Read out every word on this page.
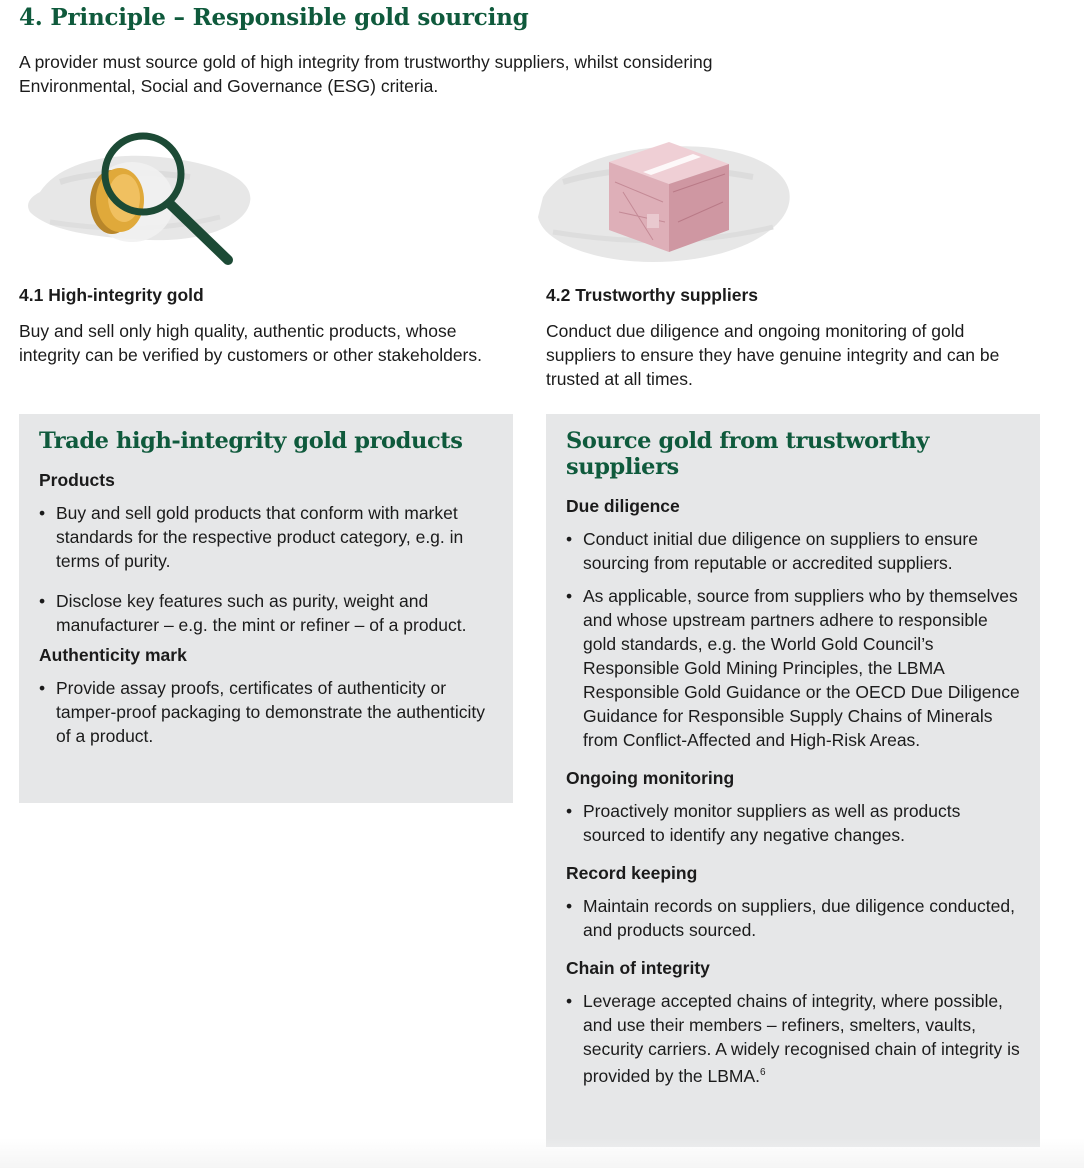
4. Principle – Responsible gold sourcing

A provider must source gold of high integrity from trustworthy suppliers, whilst considering Environmental, Social and Governance (ESG) criteria.

4.1 High-integrity gold

Buy and sell only high quality, authentic products, whose integrity can be verified by customers or other stakeholders.

4.2 Trustworthy suppliers

Conduct due diligence and ongoing monitoring of gold suppliers to ensure they have genuine integrity and can be trusted at all times.

Trade high-integrity gold products
Products
• Buy and sell gold products that conform with market standards for the respective product category, e.g. in terms of purity.
• Disclose key features such as purity, weight and manufacturer – e.g. the mint or refiner – of a product.
Authenticity mark
• Provide assay proofs, certificates of authenticity or tamper-proof packaging to demonstrate the authenticity of a product.
Source gold from trustworthy suppliers
Due diligence
• Conduct initial due diligence on suppliers to ensure sourcing from reputable or accredited suppliers.
• As applicable, source from suppliers who by themselves and whose upstream partners adhere to responsible gold standards, e.g. the World Gold Council’s Responsible Gold Mining Principles, the LBMA Responsible Gold Guidance or the OECD Due Diligence Guidance for Responsible Supply Chains of Minerals from Conflict-Affected and High-Risk Areas.
Ongoing monitoring
• Proactively monitor suppliers as well as products sourced to identify any negative changes.
Record keeping
• Maintain records on suppliers, due diligence conducted, and products sourced.
Chain of integrity
• Leverage accepted chains of integrity, where possible, and use their members – refiners, smelters, vaults, security carriers. A widely recognised chain of integrity is provided by the LBMA.$^6$
